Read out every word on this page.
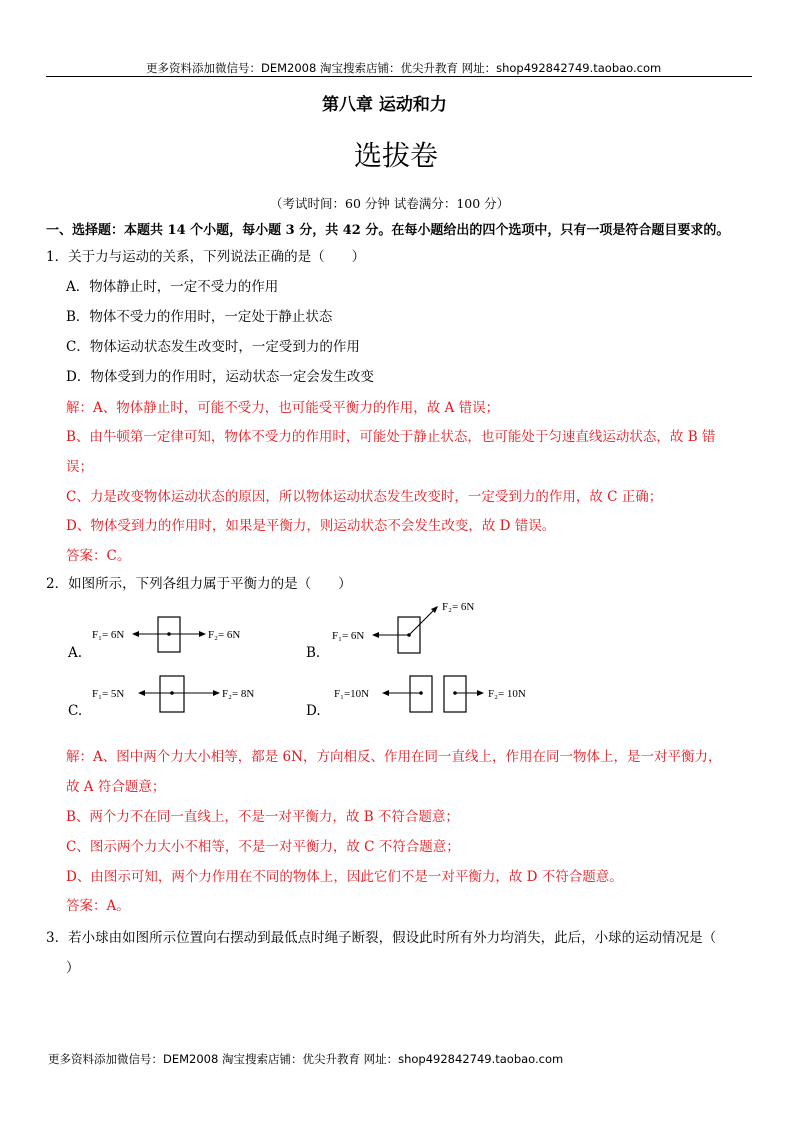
更多资料添加微信号：DEM2008 淘宝搜索店铺：优尖升教育 网址：shop492842749.taobao.com
第八章 运动和力
选拔卷
（考试时间：60 分钟 试卷满分：100 分）
一、选择题：本题共 14 个小题，每小题 3 分，共 42 分。在每小题给出的四个选项中，只有一项是符合题目要求的。
1．关于力与运动的关系，下列说法正确的是（　　）
A．物体静止时，一定不受力的作用
B．物体不受力的作用时，一定处于静止状态
C．物体运动状态发生改变时，一定受到力的作用
D．物体受到力的作用时，运动状态一定会发生改变
解：A、物体静止时，可能不受力，也可能受平衡力的作用，故 A 错误；
B、由牛顿第一定律可知，物体不受力的作用时，可能处于静止状态，也可能处于匀速直线运动状态，故 B 错
误；
C、力是改变物体运动状态的原因，所以物体运动状态发生改变时，一定受到力的作用，故 C 正确；
D、物体受到力的作用时，如果是平衡力，则运动状态不会发生改变，故 D 错误。
答案：C。
2．如图所示，下列各组力属于平衡力的是（　　）
A.
F₁= 6N	F₂= 6N
B.
F₁= 6N
F₂= 6N
C.
F₁= 5N	F₂= 8N
D.
F₁=10N	F₂= 10N
解：A、图中两个力大小相等，都是 6N，方向相反、作用在同一直线上，作用在同一物体上，是一对平衡力，
故 A 符合题意；
B、两个力不在同一直线上，不是一对平衡力，故 B 不符合题意；
C、图示两个力大小不相等，不是一对平衡力，故 C 不符合题意；
D、由图示可知，两个力作用在不同的物体上，因此它们不是一对平衡力，故 D 不符合题意。
答案：A。
3．若小球由如图所示位置向右摆动到最低点时绳子断裂，假设此时所有外力均消失，此后，小球的运动情况是（
）
更多资料添加微信号：DEM2008 淘宝搜索店铺：优尖升教育 网址：shop492842749.taobao.com
